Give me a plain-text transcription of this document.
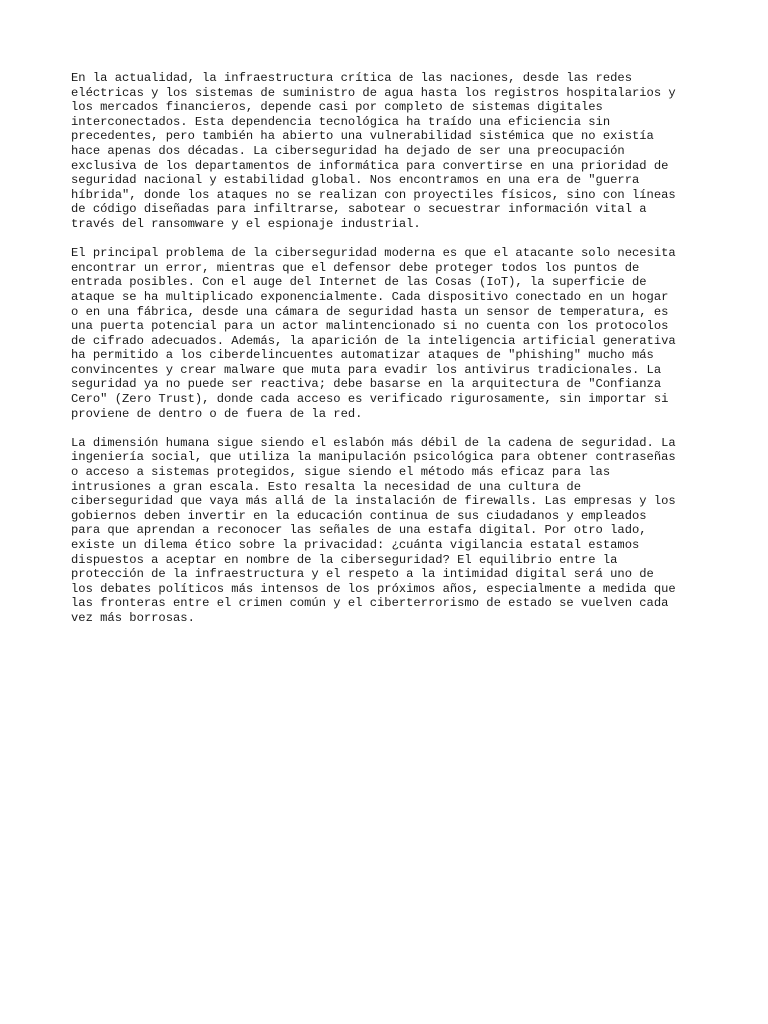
En la actualidad, la infraestructura crítica de las naciones, desde las redes
eléctricas y los sistemas de suministro de agua hasta los registros hospitalarios y
los mercados financieros, depende casi por completo de sistemas digitales
interconectados. Esta dependencia tecnológica ha traído una eficiencia sin
precedentes, pero también ha abierto una vulnerabilidad sistémica que no existía
hace apenas dos décadas. La ciberseguridad ha dejado de ser una preocupación
exclusiva de los departamentos de informática para convertirse en una prioridad de
seguridad nacional y estabilidad global. Nos encontramos en una era de "guerra
híbrida", donde los ataques no se realizan con proyectiles físicos, sino con líneas
de código diseñadas para infiltrarse, sabotear o secuestrar información vital a
través del ransomware y el espionaje industrial.

El principal problema de la ciberseguridad moderna es que el atacante solo necesita
encontrar un error, mientras que el defensor debe proteger todos los puntos de
entrada posibles. Con el auge del Internet de las Cosas (IoT), la superficie de
ataque se ha multiplicado exponencialmente. Cada dispositivo conectado en un hogar
o en una fábrica, desde una cámara de seguridad hasta un sensor de temperatura, es
una puerta potencial para un actor malintencionado si no cuenta con los protocolos
de cifrado adecuados. Además, la aparición de la inteligencia artificial generativa
ha permitido a los ciberdelincuentes automatizar ataques de "phishing" mucho más
convincentes y crear malware que muta para evadir los antivirus tradicionales. La
seguridad ya no puede ser reactiva; debe basarse en la arquitectura de "Confianza
Cero" (Zero Trust), donde cada acceso es verificado rigurosamente, sin importar si
proviene de dentro o de fuera de la red.

La dimensión humana sigue siendo el eslabón más débil de la cadena de seguridad. La
ingeniería social, que utiliza la manipulación psicológica para obtener contraseñas
o acceso a sistemas protegidos, sigue siendo el método más eficaz para las
intrusiones a gran escala. Esto resalta la necesidad de una cultura de
ciberseguridad que vaya más allá de la instalación de firewalls. Las empresas y los
gobiernos deben invertir en la educación continua de sus ciudadanos y empleados
para que aprendan a reconocer las señales de una estafa digital. Por otro lado,
existe un dilema ético sobre la privacidad: ¿cuánta vigilancia estatal estamos
dispuestos a aceptar en nombre de la ciberseguridad? El equilibrio entre la
protección de la infraestructura y el respeto a la intimidad digital será uno de
los debates políticos más intensos de los próximos años, especialmente a medida que
las fronteras entre el crimen común y el ciberterrorismo de estado se vuelven cada
vez más borrosas.
